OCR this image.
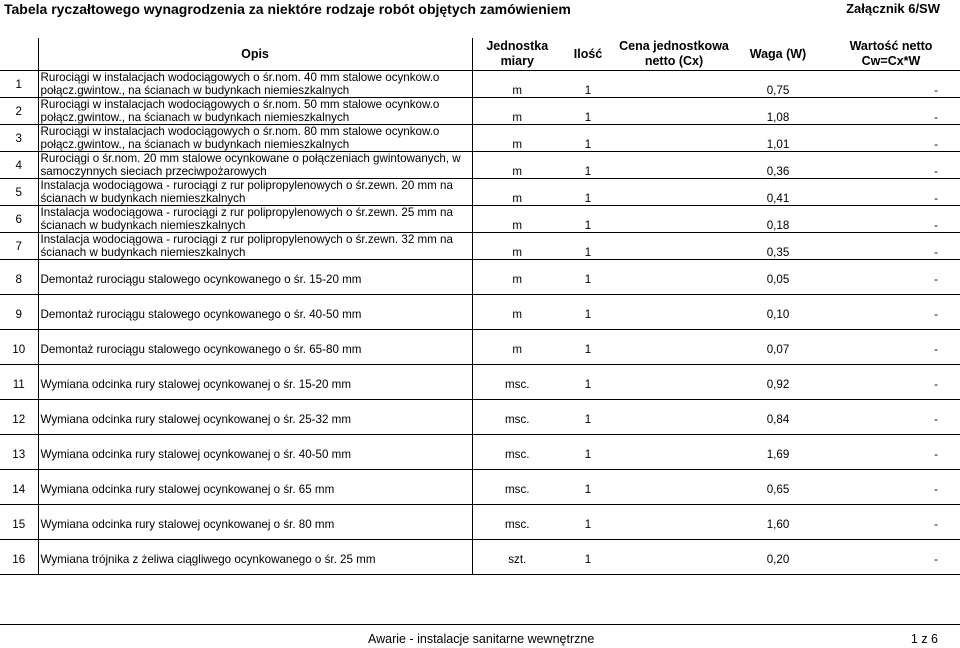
Tabela ryczałtowego wynagrodzenia za niektóre rodzaje robót objętych zamówieniem	Załącznik 6/SW
	Opis	Jednostka miary	Ilość	Cena jednostkowa netto (Cx)	Waga (W)	Wartość netto Cw=Cx*W
1	Rurociągi w instalacjach wodociągowych o śr.nom. 40 mm stalowe ocynkow.o połącz.gwintow., na ścianach w budynkach niemieszkalnych	m	1		0,75	-
2	Rurociągi w instalacjach wodociągowych o śr.nom. 50 mm stalowe ocynkow.o połącz.gwintow., na ścianach w budynkach niemieszkalnych	m	1		1,08	-
3	Rurociągi w instalacjach wodociągowych o śr.nom. 80 mm stalowe ocynkow.o połącz.gwintow., na ścianach w budynkach niemieszkalnych	m	1		1,01	-
4	Rurociągi o śr.nom. 20 mm stalowe ocynkowane o połączeniach gwintowanych, w samoczynnych sieciach przeciwpożarowych	m	1		0,36	-
5	Instalacja wodociągowa - rurociągi z rur polipropylenowych o śr.zewn. 20 mm na ścianach w budynkach niemieszkalnych	m	1		0,41	-
6	Instalacja wodociągowa - rurociągi z rur polipropylenowych o śr.zewn. 25 mm na ścianach w budynkach niemieszkalnych	m	1		0,18	-
7	Instalacja wodociągowa - rurociągi z rur polipropylenowych o śr.zewn. 32 mm na ścianach w budynkach niemieszkalnych	m	1		0,35	-
8	Demontaż rurociągu stalowego ocynkowanego o śr. 15-20 mm	m	1		0,05	-
9	Demontaż rurociągu stalowego ocynkowanego o śr. 40-50 mm	m	1		0,10	-
10	Demontaż rurociągu stalowego ocynkowanego o śr. 65-80 mm	m	1		0,07	-
11	Wymiana odcinka rury stalowej ocynkowanej o śr. 15-20 mm	msc.	1		0,92	-
12	Wymiana odcinka rury stalowej ocynkowanej o śr. 25-32 mm	msc.	1		0,84	-
13	Wymiana odcinka rury stalowej ocynkowanej o śr. 40-50 mm	msc.	1		1,69	-
14	Wymiana odcinka rury stalowej ocynkowanej o śr. 65 mm	msc.	1		0,65	-
15	Wymiana odcinka rury stalowej ocynkowanej o śr. 80 mm	msc.	1		1,60	-
16	Wymiana trójnika z żeliwa ciągliwego ocynkowanego o śr. 25 mm	szt.	1		0,20	-
Awarie - instalacje sanitarne wewnętrzne	1 z 6
